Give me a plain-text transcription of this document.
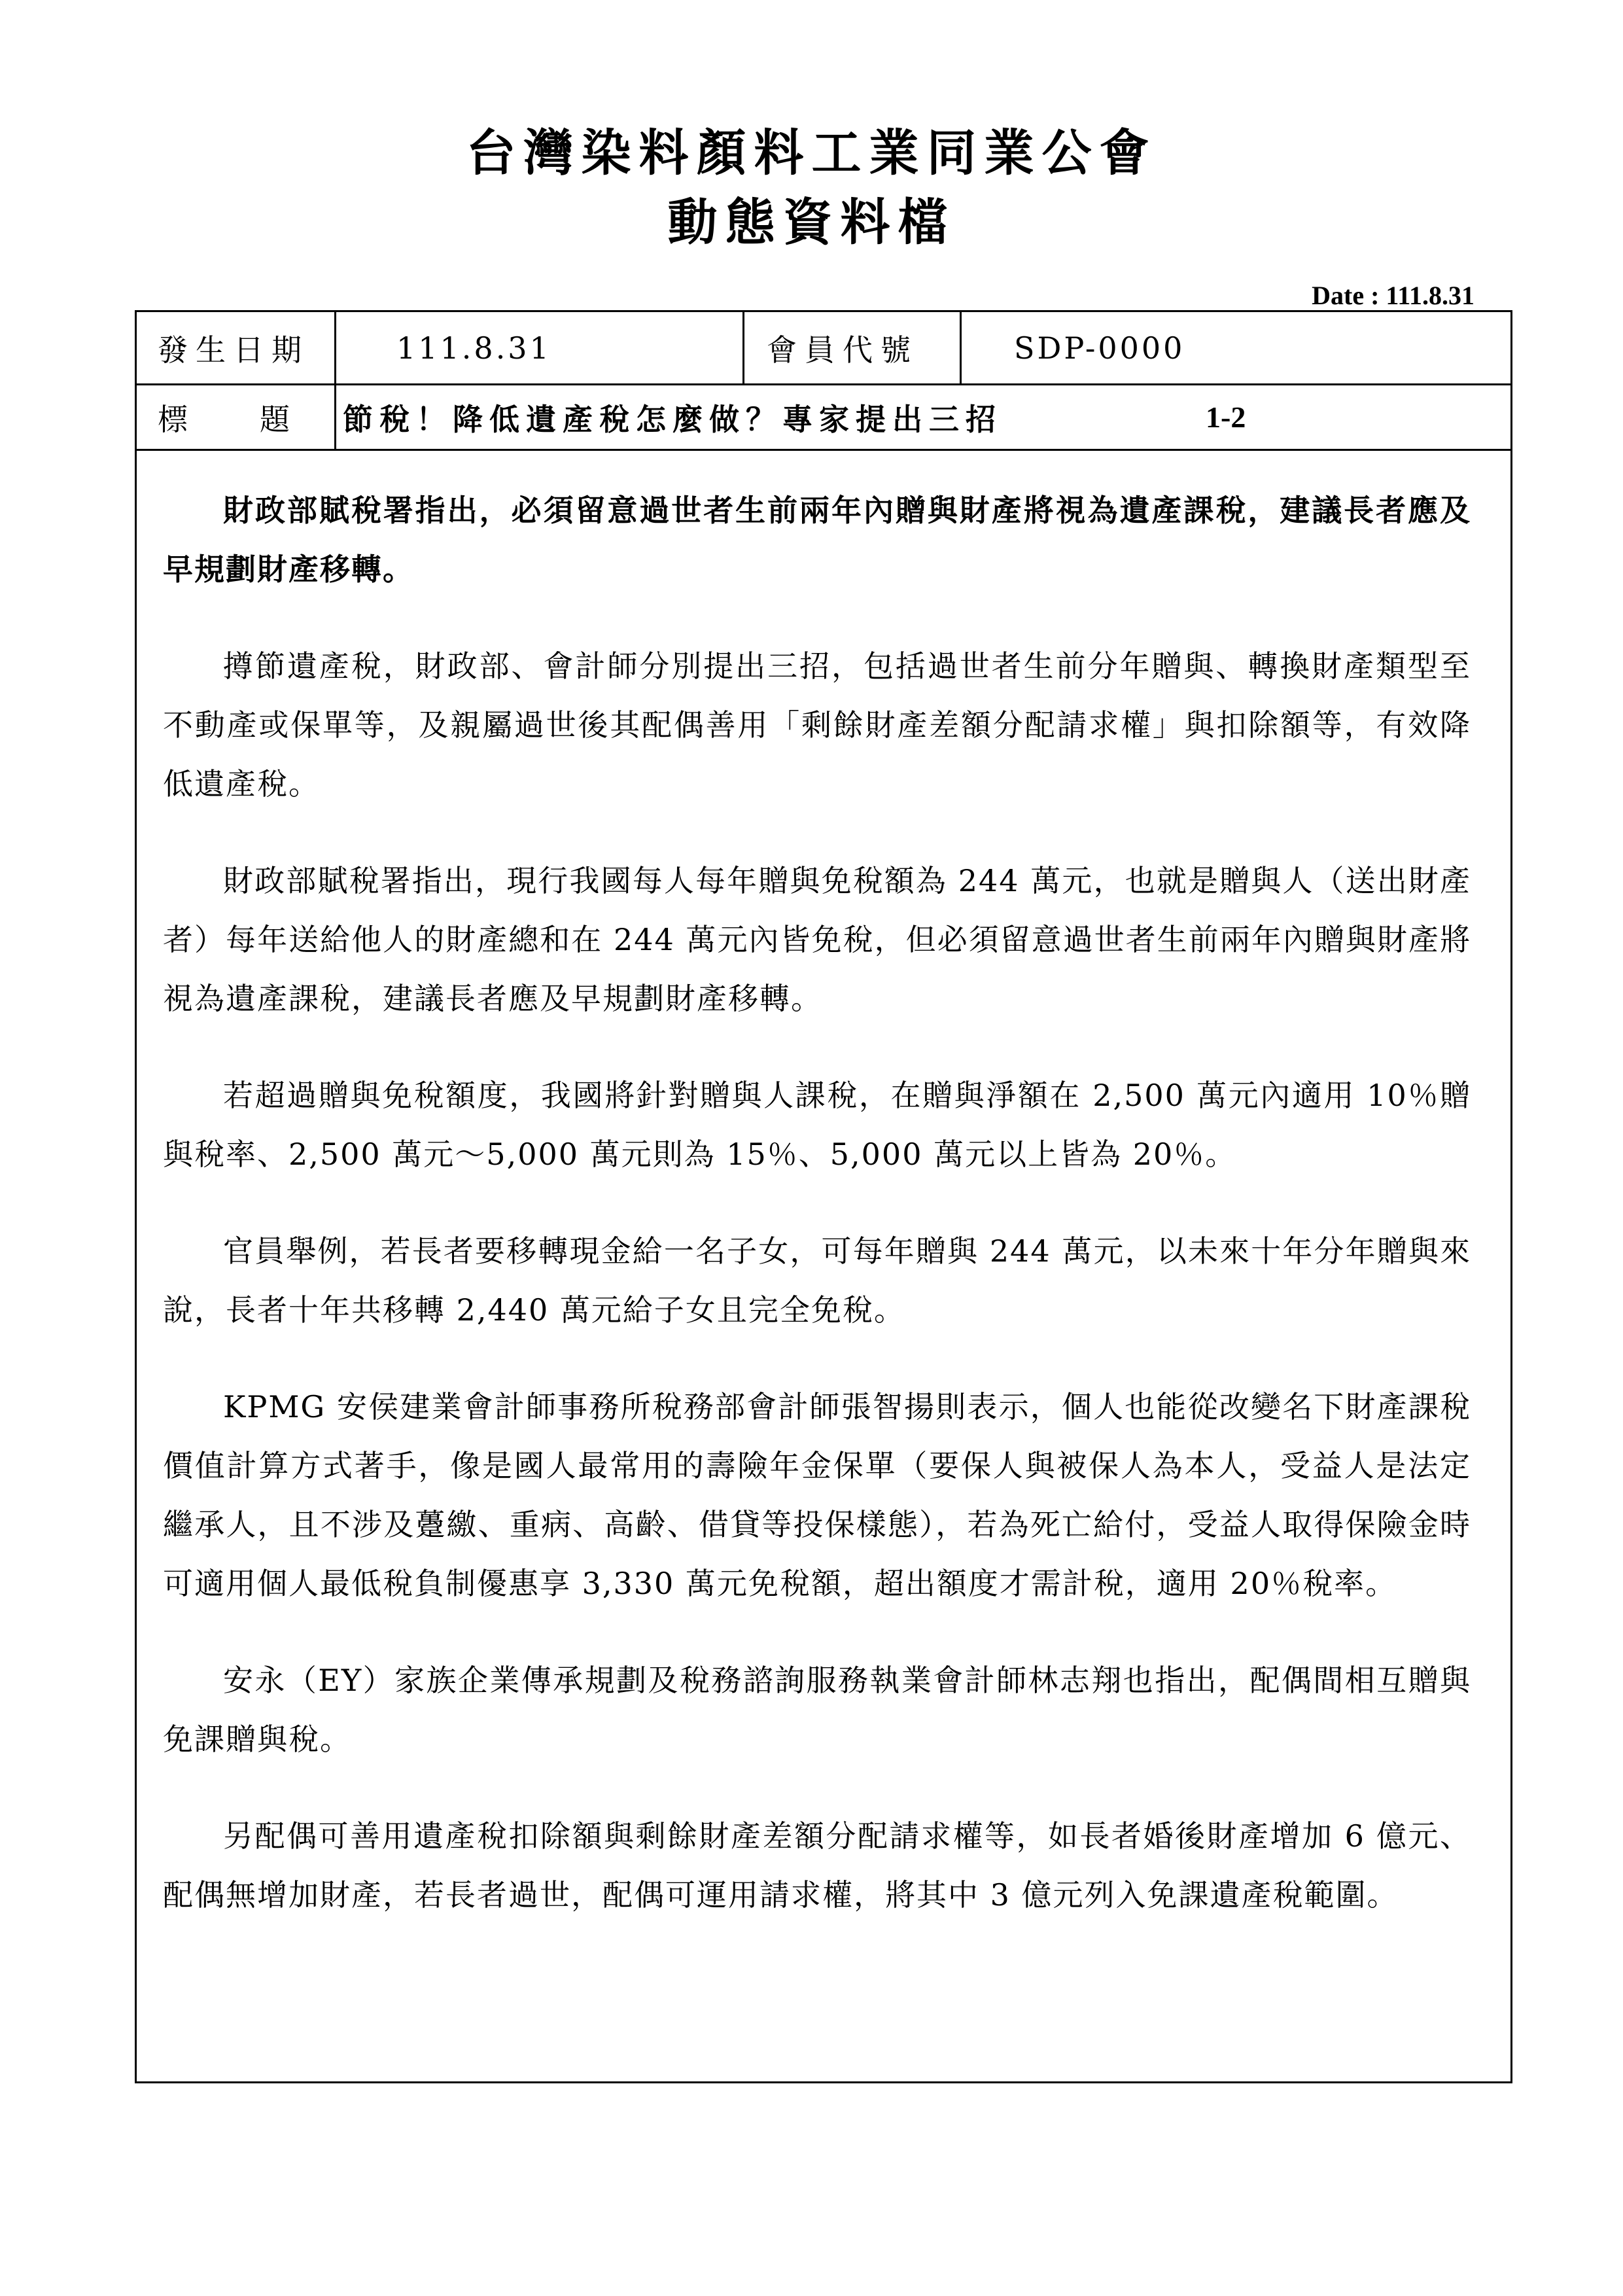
台灣染料顏料工業同業公會
動態資料檔
Date : 111.8.31
發生日期	111.8.31	會員代號	SDP-0000
標 題 節稅！降低遺產稅怎麼做？專家提出三招	1-2

財政部賦稅署指出，必須留意過世者生前兩年內贈與財產將視為遺產課稅，建議長者應及早規劃財產移轉。

撙節遺產稅，財政部、會計師分別提出三招，包括過世者生前分年贈與、轉換財產類型至不動產或保單等，及親屬過世後其配偶善用「剩餘財產差額分配請求權」與扣除額等，有效降低遺產稅。

財政部賦稅署指出，現行我國每人每年贈與免稅額為 244 萬元，也就是贈與人（送出財產者）每年送給他人的財產總和在 244 萬元內皆免稅，但必須留意過世者生前兩年內贈與財產將視為遺產課稅，建議長者應及早規劃財產移轉。

若超過贈與免稅額度，我國將針對贈與人課稅，在贈與淨額在 2,500 萬元內適用 10％贈與稅率、2,500 萬元～5,000 萬元則為 15％、5,000 萬元以上皆為 20％。

官員舉例，若長者要移轉現金給一名子女，可每年贈與 244 萬元，以未來十年分年贈與來說，長者十年共移轉 2,440 萬元給子女且完全免稅。

KPMG 安侯建業會計師事務所稅務部會計師張智揚則表示，個人也能從改變名下財產課稅價值計算方式著手，像是國人最常用的壽險年金保單（要保人與被保人為本人，受益人是法定繼承人，且不涉及躉繳、重病、高齡、借貸等投保樣態），若為死亡給付，受益人取得保險金時可適用個人最低稅負制優惠享 3,330 萬元免稅額，超出額度才需計稅，適用 20％稅率。

安永（EY）家族企業傳承規劃及稅務諮詢服務執業會計師林志翔也指出，配偶間相互贈與免課贈與稅。

另配偶可善用遺產稅扣除額與剩餘財產差額分配請求權等，如長者婚後財產增加 6 億元、配偶無增加財產，若長者過世，配偶可運用請求權，將其中 3 億元列入免課遺產稅範圍。
